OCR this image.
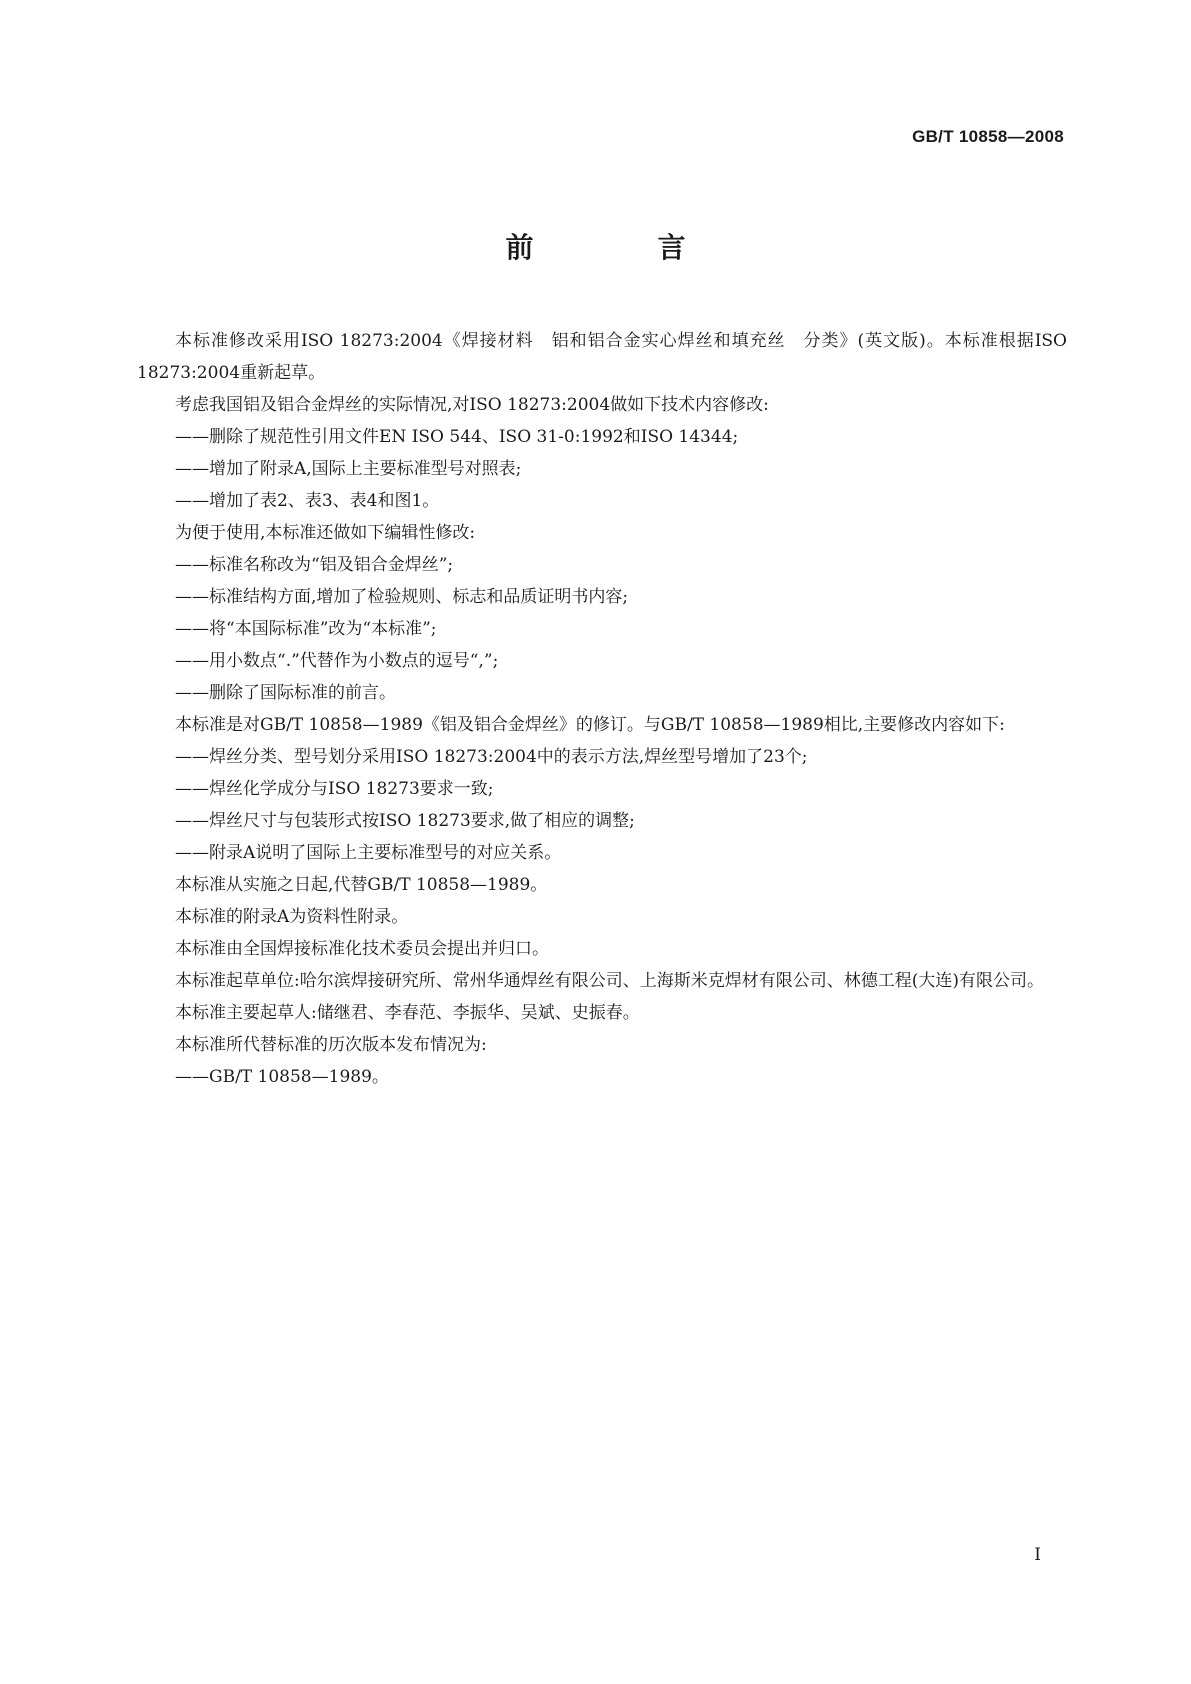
GB/T 10858—2008
前　言

本标准修改采用ISO 18273:2004《焊接材料　铝和铝合金实心焊丝和填充丝　分类》(英文版)。本标准根据ISO 18273:2004重新起草。

考虑我国铝及铝合金焊丝的实际情况,对ISO 18273:2004做如下技术内容修改:

——删除了规范性引用文件EN ISO 544、ISO 31-0:1992和ISO 14344;

——增加了附录A,国际上主要标准型号对照表;

——增加了表2、表3、表4和图1。

为便于使用,本标准还做如下编辑性修改:

——标准名称改为“铝及铝合金焊丝”;

——标准结构方面,增加了检验规则、标志和品质证明书内容;

——将“本国际标准”改为“本标准”;

——用小数点“.”代替作为小数点的逗号“,”;

——删除了国际标准的前言。

本标准是对GB/T 10858—1989《铝及铝合金焊丝》的修订。与GB/T 10858—1989相比,主要修改内容如下:

——焊丝分类、型号划分采用ISO 18273:2004中的表示方法,焊丝型号增加了23个;

——焊丝化学成分与ISO 18273要求一致;

——焊丝尺寸与包装形式按ISO 18273要求,做了相应的调整;

——附录A说明了国际上主要标准型号的对应关系。

本标准从实施之日起,代替GB/T 10858—1989。

本标准的附录A为资料性附录。

本标准由全国焊接标准化技术委员会提出并归口。

本标准起草单位:哈尔滨焊接研究所、常州华通焊丝有限公司、上海斯米克焊材有限公司、林德工程(大连)有限公司。

本标准主要起草人:储继君、李春范、李振华、吴斌、史振春。

本标准所代替标准的历次版本发布情况为:

——GB/T 10858—1989。

I
